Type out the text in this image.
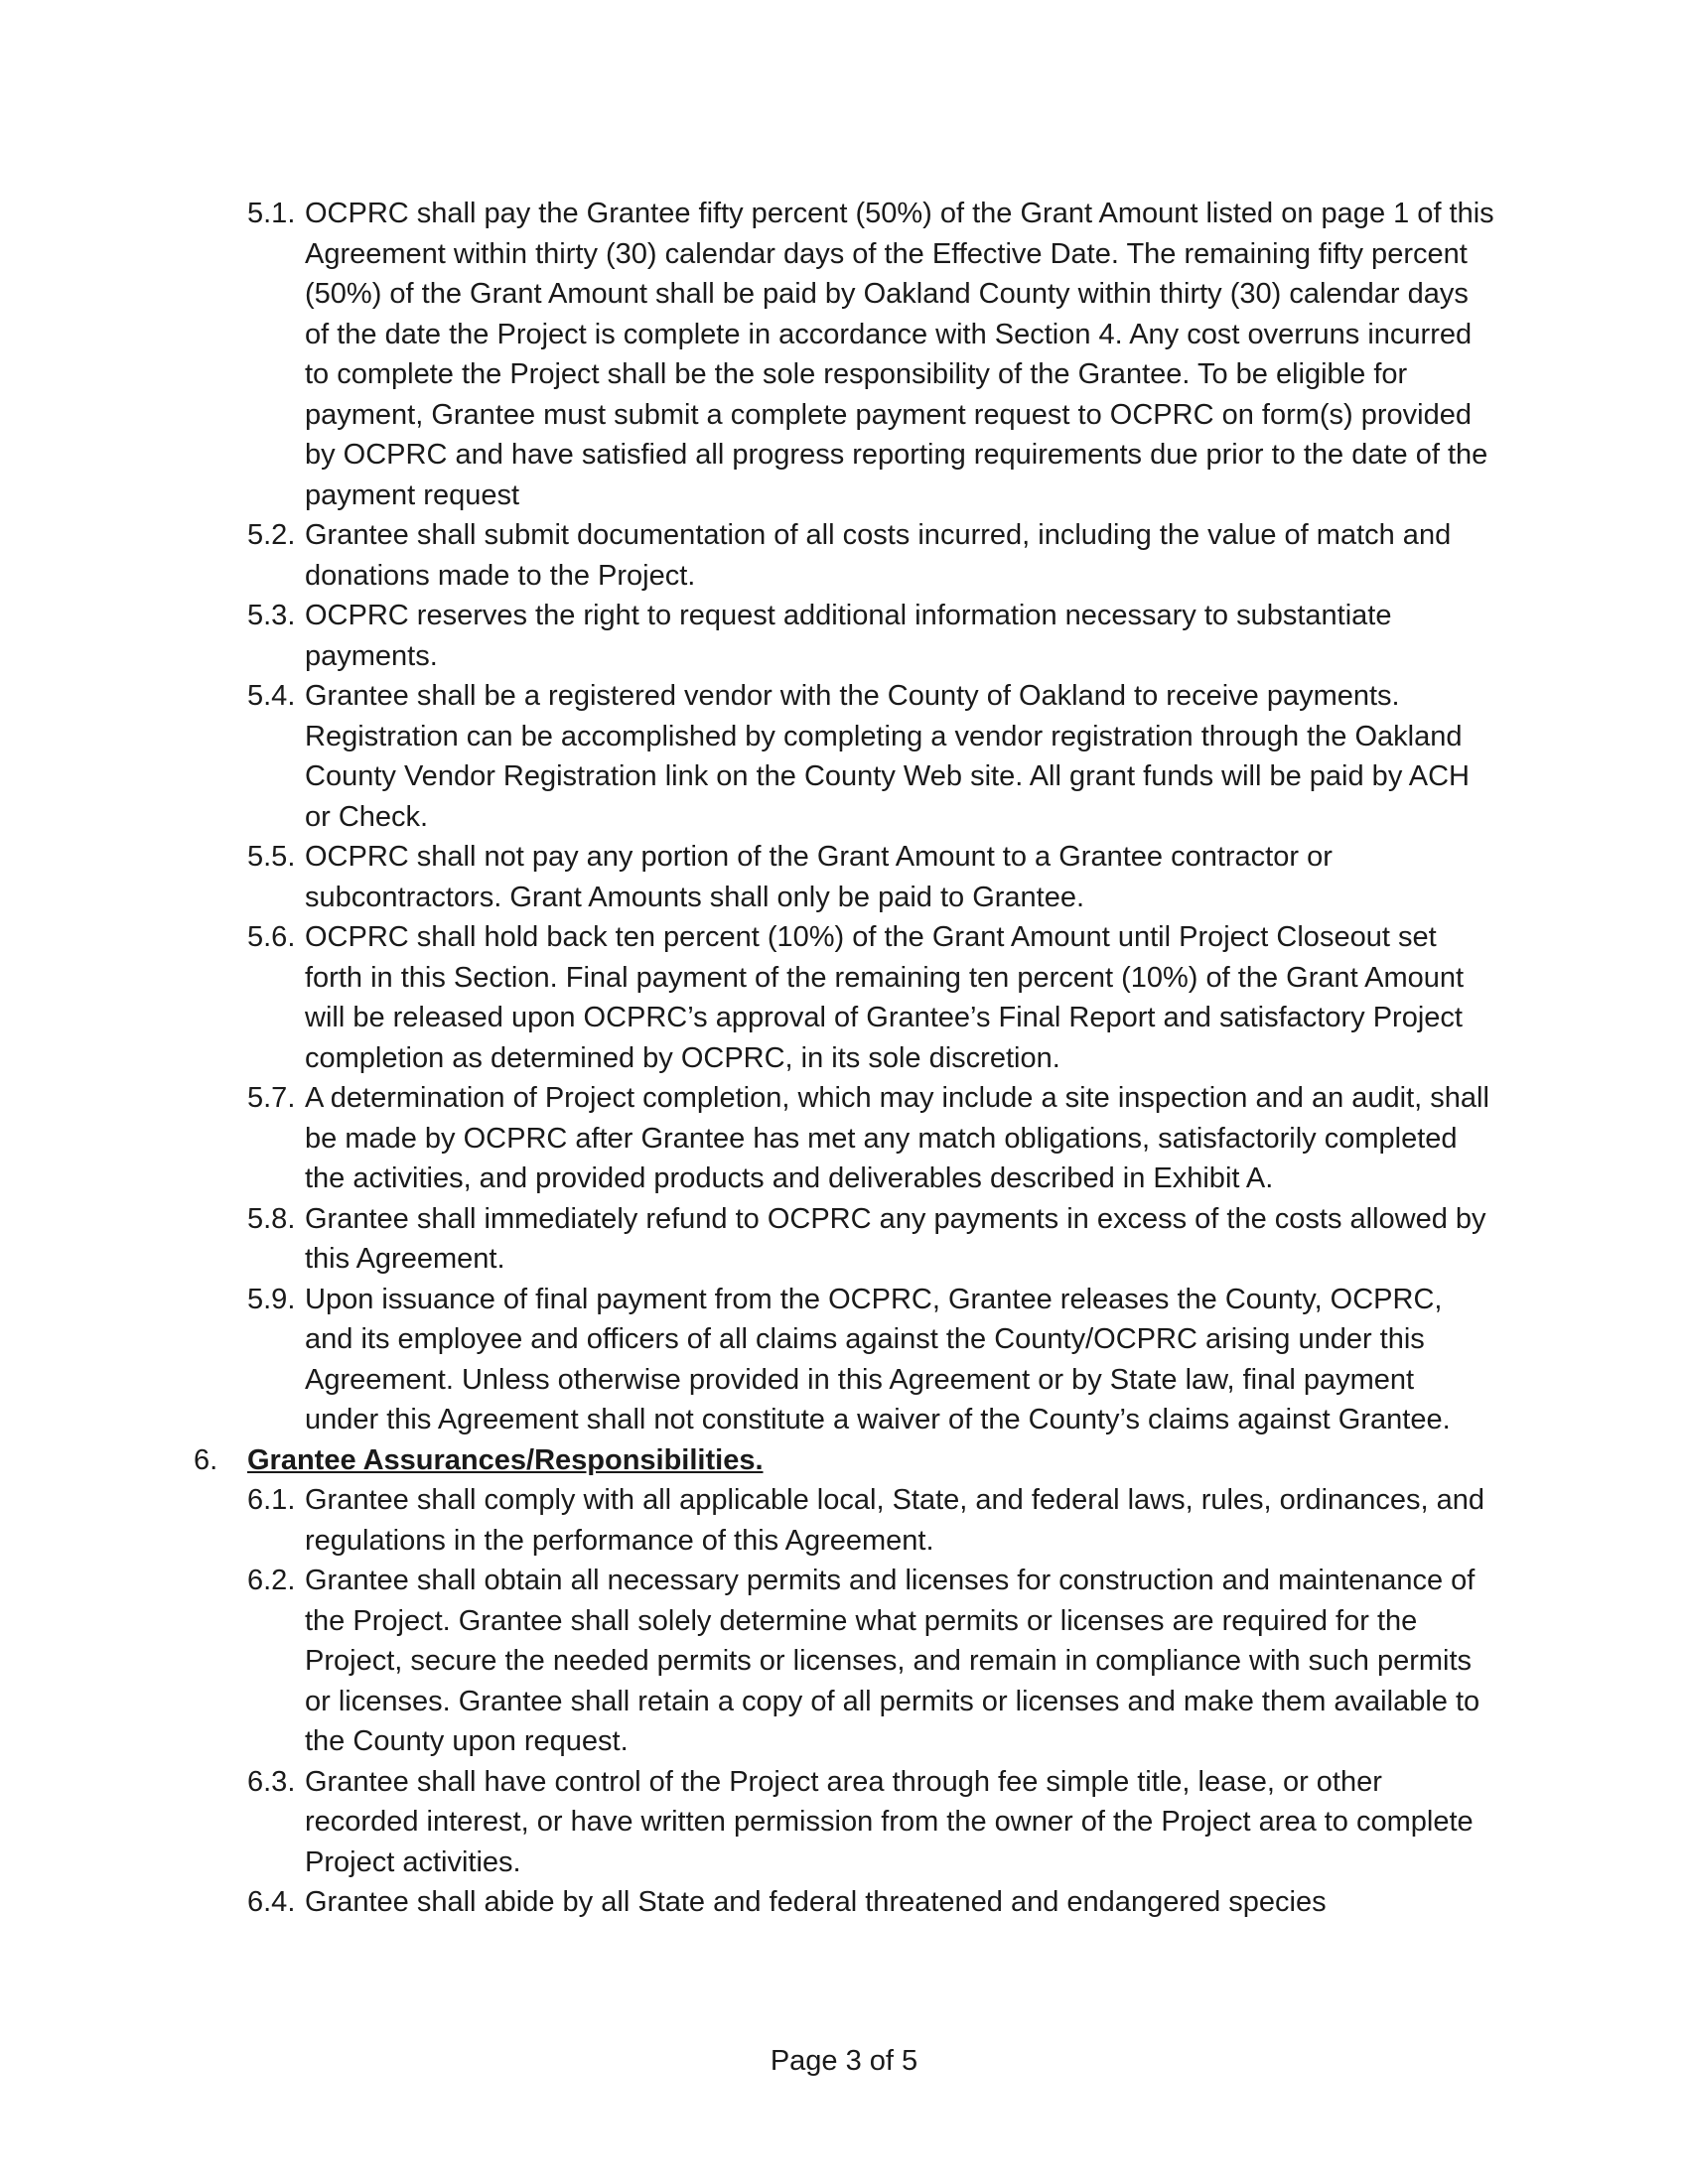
5.1. OCPRC shall pay the Grantee fifty percent (50%) of the Grant Amount listed on page 1 of this Agreement within thirty (30) calendar days of the Effective Date. The remaining fifty percent (50%) of the Grant Amount shall be paid by Oakland County within thirty (30) calendar days of the date the Project is complete in accordance with Section 4. Any cost overruns incurred to complete the Project shall be the sole responsibility of the Grantee. To be eligible for payment, Grantee must submit a complete payment request to OCPRC on form(s) provided by OCPRC and have satisfied all progress reporting requirements due prior to the date of the payment request
5.2. Grantee shall submit documentation of all costs incurred, including the value of match and donations made to the Project.
5.3. OCPRC reserves the right to request additional information necessary to substantiate payments.
5.4. Grantee shall be a registered vendor with the County of Oakland to receive payments. Registration can be accomplished by completing a vendor registration through the Oakland County Vendor Registration link on the County Web site. All grant funds will be paid by ACH or Check.
5.5. OCPRC shall not pay any portion of the Grant Amount to a Grantee contractor or subcontractors. Grant Amounts shall only be paid to Grantee.
5.6. OCPRC shall hold back ten percent (10%) of the Grant Amount until Project Closeout set forth in this Section. Final payment of the remaining ten percent (10%) of the Grant Amount will be released upon OCPRC’s approval of Grantee’s Final Report and satisfactory Project completion as determined by OCPRC, in its sole discretion.
5.7. A determination of Project completion, which may include a site inspection and an audit, shall be made by OCPRC after Grantee has met any match obligations, satisfactorily completed the activities, and provided products and deliverables described in Exhibit A.
5.8. Grantee shall immediately refund to OCPRC any payments in excess of the costs allowed by this Agreement.
5.9. Upon issuance of final payment from the OCPRC, Grantee releases the County, OCPRC, and its employee and officers of all claims against the County/OCPRC arising under this Agreement. Unless otherwise provided in this Agreement or by State law, final payment under this Agreement shall not constitute a waiver of the County’s claims against Grantee.
6. Grantee Assurances/Responsibilities.
6.1. Grantee shall comply with all applicable local, State, and federal laws, rules, ordinances, and regulations in the performance of this Agreement.
6.2. Grantee shall obtain all necessary permits and licenses for construction and maintenance of the Project. Grantee shall solely determine what permits or licenses are required for the Project, secure the needed permits or licenses, and remain in compliance with such permits or licenses. Grantee shall retain a copy of all permits or licenses and make them available to the County upon request.
6.3. Grantee shall have control of the Project area through fee simple title, lease, or other recorded interest, or have written permission from the owner of the Project area to complete Project activities.
6.4. Grantee shall abide by all State and federal threatened and endangered species
Page 3 of 5
